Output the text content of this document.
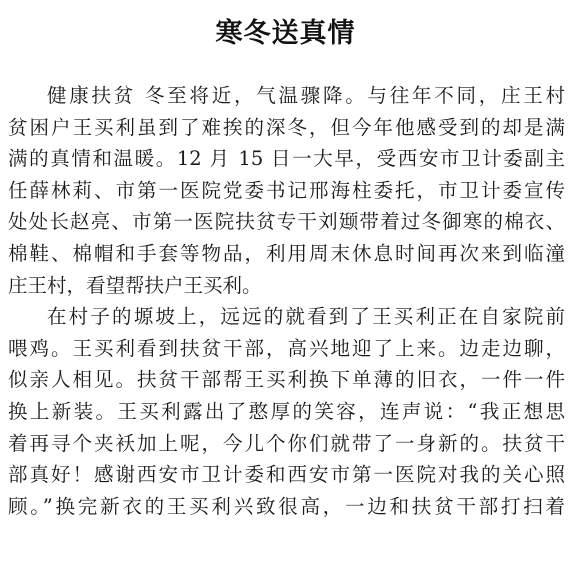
寒冬送真情
健康扶贫 冬至将近，气温骤降。与往年不同，庄王村
贫困户王买利虽到了难挨的深冬，但今年他感受到的却是满
满的真情和温暖。12 月 15 日一大早，受西安市卫计委副主
任薛林莉、市第一医院党委书记邢海柱委托，市卫计委宣传
处处长赵亮、市第一医院扶贫专干刘颋带着过冬御寒的棉衣、
棉鞋、棉帽和手套等物品，利用周末休息时间再次来到临潼
庄王村，看望帮扶户王买利。
在村子的塬坡上，远远的就看到了王买利正在自家院前
喂鸡。王买利看到扶贫干部，高兴地迎了上来。边走边聊，
似亲人相见。扶贫干部帮王买利换下单薄的旧衣，一件一件
换上新装。王买利露出了憨厚的笑容，连声说：“我正想思
着再寻个夹袄加上呢，今儿个你们就带了一身新的。扶贫干
部真好！感谢西安市卫计委和西安市第一医院对我的关心照
顾。”换完新衣的王买利兴致很高，一边和扶贫干部打扫着
